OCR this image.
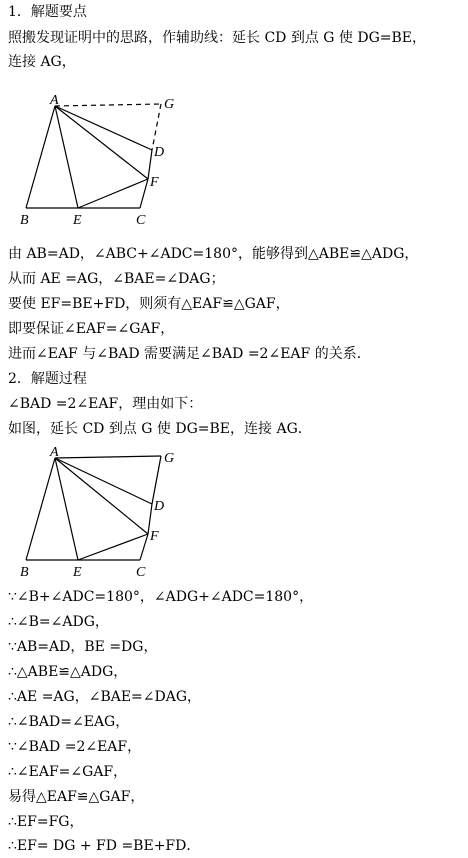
1．解题要点
照搬发现证明中的思路，作辅助线：延长 CD 到点 G 使 DG=BE，
连接 AG，
A	G
D
F
B	E	C
由 AB=AD，∠ABC+∠ADC=180°，能够得到△ABE≌△ADG，
从而 AE =AG，∠BAE=∠DAG；
要使 EF=BE+FD，则须有△EAF≌△GAF，
即要保证∠EAF=∠GAF，
进而∠EAF 与∠BAD 需要满足∠BAD =2∠EAF 的关系．
2．解题过程
∠BAD =2∠EAF，理由如下：
如图，延长 CD 到点 G 使 DG=BE，连接 AG．
A	G
D
F
B	E	C
∵∠B+∠ADC=180°，∠ADG+∠ADC=180°，
∴∠B=∠ADG，
∵AB=AD，BE =DG，
∴△ABE≌△ADG，
∴AE =AG，∠BAE=∠DAG，
∴∠BAD=∠EAG，
∵∠BAD =2∠EAF，
∴∠EAF=∠GAF，
易得△EAF≌△GAF，
∴EF=FG，
∴EF= DG + FD =BE+FD．
